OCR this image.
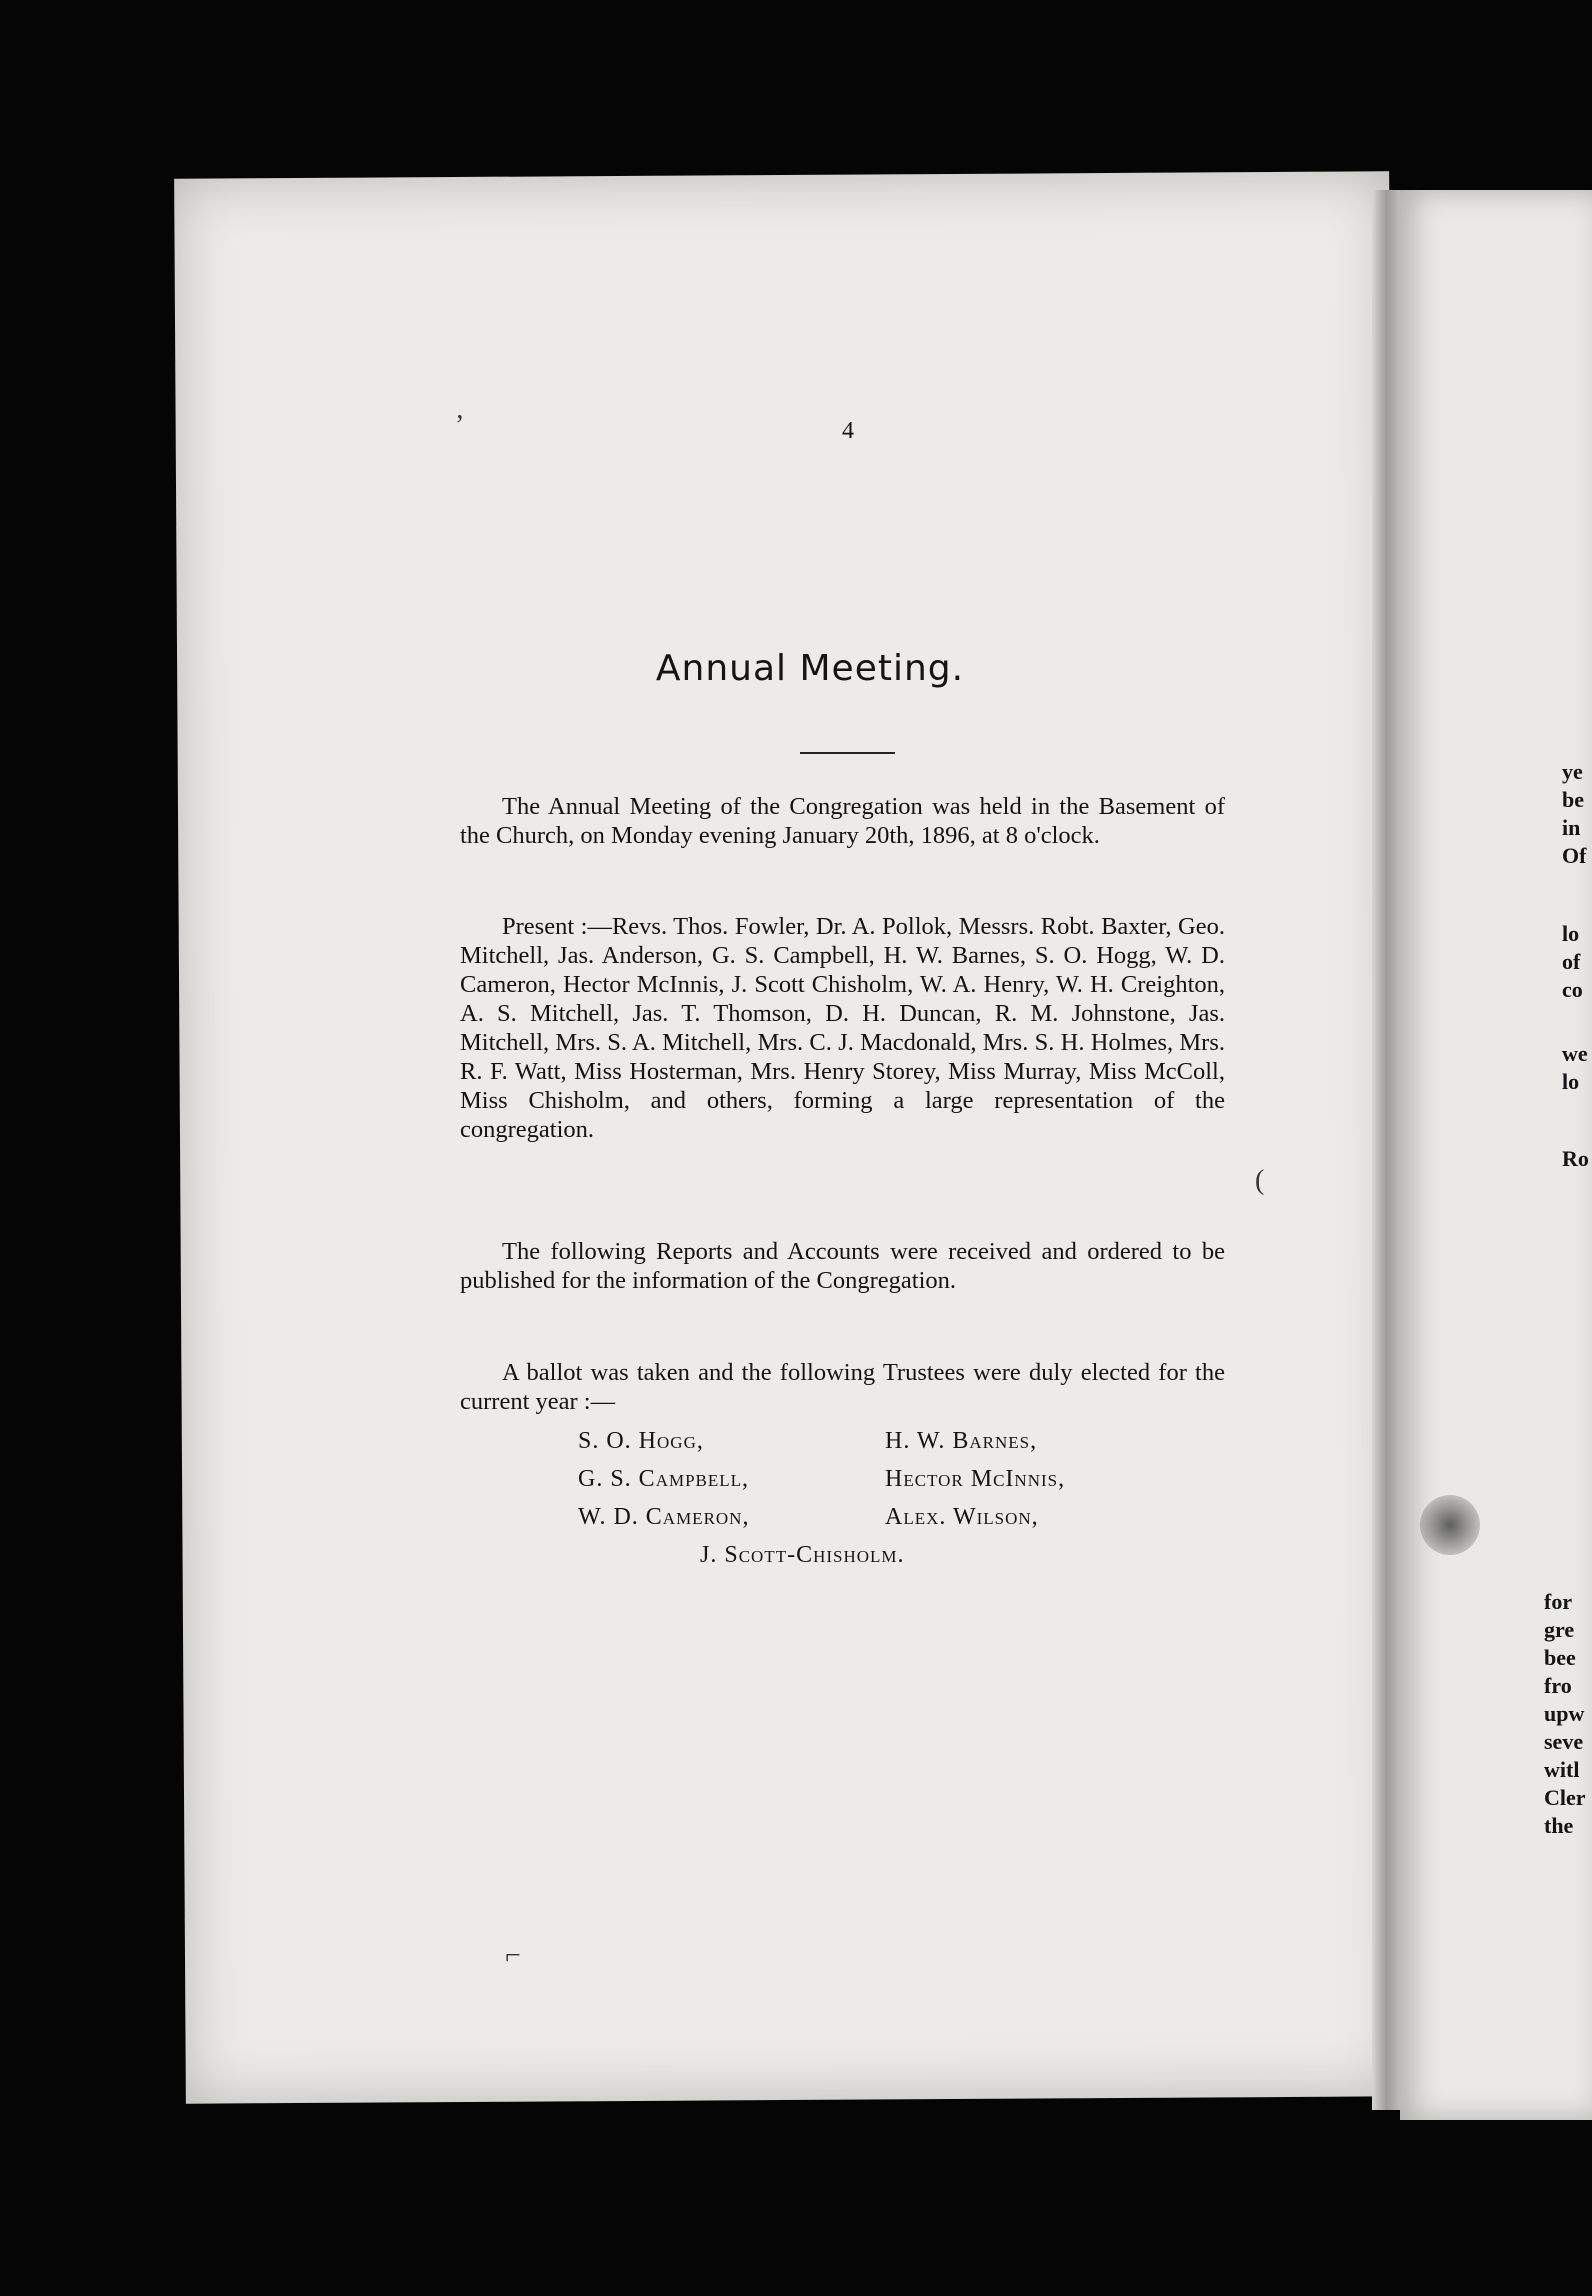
4
Annual Meeting.

The Annual Meeting of the Congregation was held in the Basement of the Church, on Monday evening January 20th, 1896, at 8 o'clock.

Present :—Revs. Thos. Fowler, Dr. A. Pollok, Messrs. Robt. Baxter, Geo. Mitchell, Jas. Anderson, G. S. Campbell, H. W. Barnes, S. O. Hogg, W. D. Cameron, Hector McInnis, J. Scott Chisholm, W. A. Henry, W. H. Creighton, A. S. Mitchell, Jas. T. Thomson, D. H. Duncan, R. M. Johnstone, Jas. Mitchell, Mrs. S. A. Mitchell, Mrs. C. J. Macdonald, Mrs. S. H. Holmes, Mrs. R. F. Watt, Miss Hosterman, Mrs. Henry Storey, Miss Murray, Miss McColl, Miss Chisholm, and others, forming a large representation of the congregation.

The following Reports and Accounts were received and ordered to be published for the information of the Congregation.

A ballot was taken and the following Trustees were duly elected for the current year :—

S. O. Hogg,
G. S. Campbell,
W. D. Cameron,
H. W. Barnes,
Hector McInnis,
Alex. Wilson,
J. Scott-Chisholm.
ye
be
in
Of
lo
of
co
we
lo
Ro
for
gre
bee
fro
upw
seve
witl
Cler
the
ʼ
(
⌐
